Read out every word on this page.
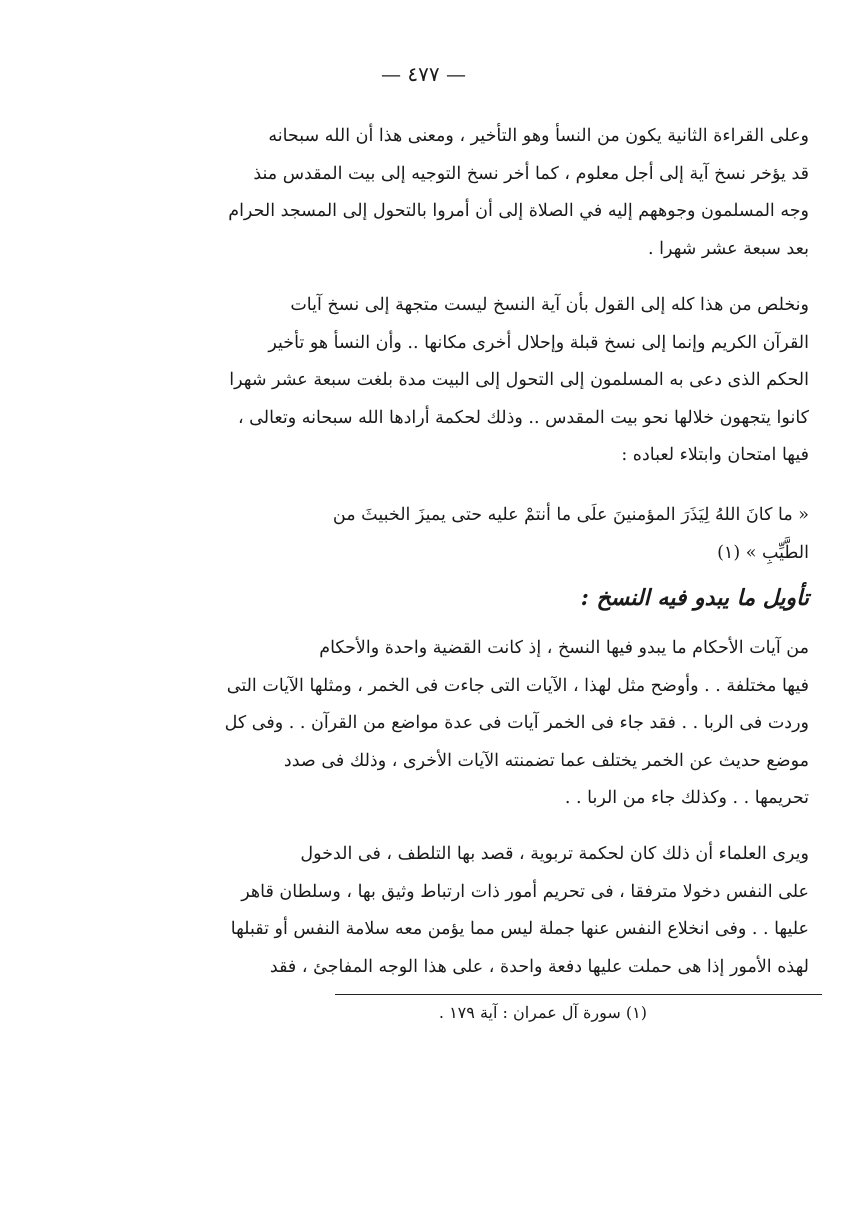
— ٤٧٧ —
وعلى القراءة الثانية يكون من النسأ وهو التأخير ، ومعنى هذا أن الله سبحانه
قد يؤخر نسخ آية إلى أجل معلوم ، كما أخر نسخ التوجيه إلى بيت المقدس منذ
وجه المسلمون وجوههم إليه في الصلاة إلى أن أمروا بالتحول إلى المسجد الحرام
بعد سبعة عشر شهرا .
ونخلص من هذا كله إلى القول بأن آية النسخ ليست متجهة إلى نسخ آيات
القرآن الكريم وإنما إلى نسخ قبلة وإحلال أخرى مكانها .. وأن النسأ هو تأخير
الحكم الذى دعى به المسلمون إلى التحول إلى البيت مدة بلغت سبعة عشر شهرا
كانوا يتجهون خلالها نحو بيت المقدس .. وذلك لحكمة أرادها الله سبحانه وتعالى ،
فيها امتحان وابتلاء لعباده :
« ما كانَ اللهُ لِيَذَرَ المؤمنينَ علَى ما أنتمْ عليه حتى يميزَ الخبيثَ من
الطَّيِّبِ » (١)
تأويل ما يبدو فيه النسخ :
من آيات الأحكام ما يبدو فيها النسخ ، إذ كانت القضية واحدة والأحكام
فيها مختلفة . . وأوضح مثل لهذا ، الآيات التى جاءت فى الخمر ، ومثلها الآيات التى
وردت فى الربا . . فقد جاء فى الخمر آيات فى عدة مواضع من القرآن . . وفى كل
موضع حديث عن الخمر يختلف عما تضمنته الآيات الأخرى ، وذلك فى صدد
تحريمها . . وكذلك جاء من الربا . .
ويرى العلماء أن ذلك كان لحكمة تربوية ، قصد بها التلطف ، فى الدخول
على النفس دخولا مترفقا ، فى تحريم أمور ذات ارتباط وثيق بها ، وسلطان قاهر
عليها . . وفى انخلاع النفس عنها جملة ليس مما يؤمن معه سلامة النفس أو تقبلها
لهذه الأمور إذا هى حملت عليها دفعة واحدة ، على هذا الوجه المفاجئ ، فقد
(١) سورة آل عمران : آية ١٧٩ .
